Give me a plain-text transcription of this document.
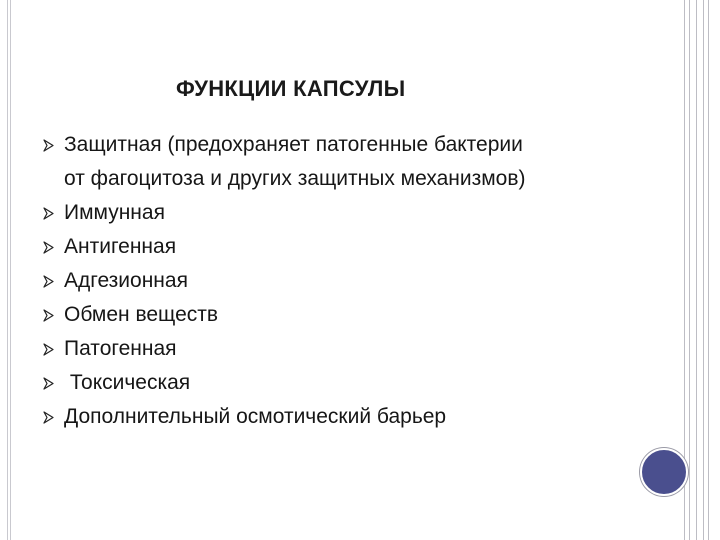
ФУНКЦИИ КАПСУЛЫ
Защитная (предохраняет патогенные бактерии
от фагоцитоза и других защитных механизмов)
Иммунная
Антигенная
Адгезионная
Обмен веществ
Патогенная
Токсическая
Дополнительный осмотический барьер
